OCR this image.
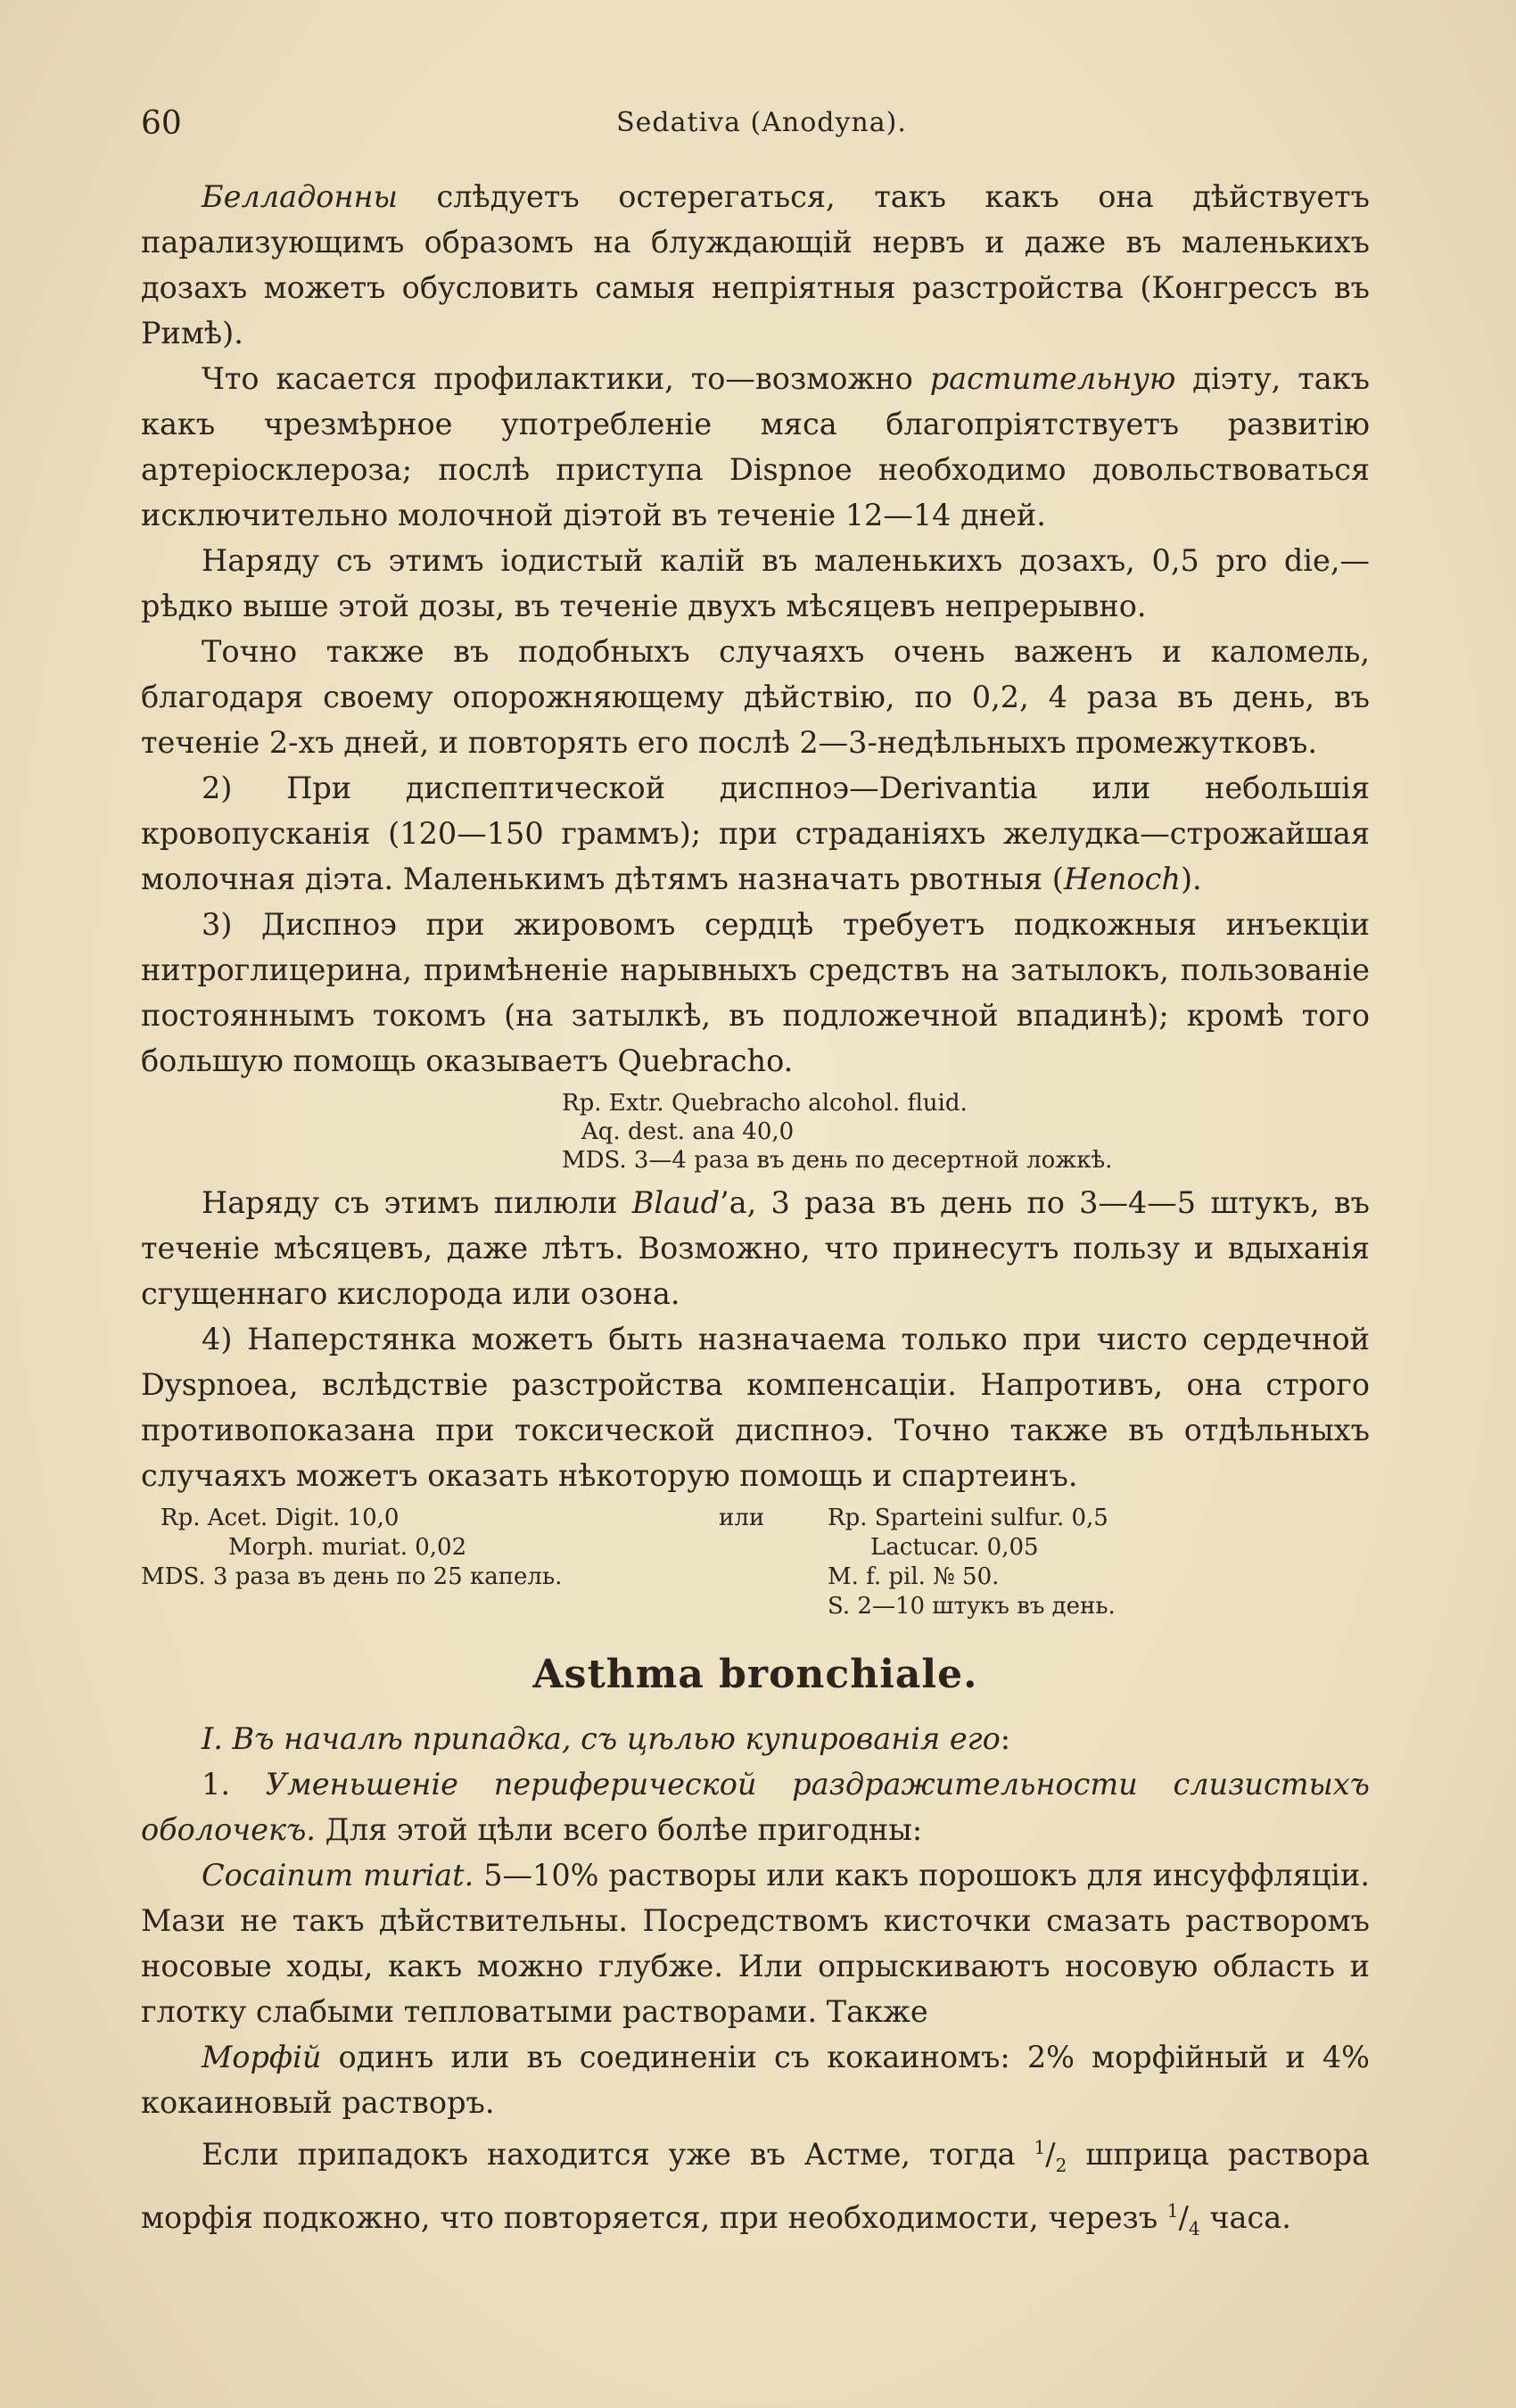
60	Sedativa (Anodyna).

Белладонны слѣдуетъ остерегаться, такъ какъ она дѣйствуетъ парализующимъ образомъ на блуждающій нервъ и даже въ маленькихъ дозахъ можетъ обусловить самыя непріятныя разстройства (Конгрессъ въ Римѣ).

Что касается профилактики, то—возможно растительную діэту, такъ какъ чрезмѣрное употребленіе мяса благопріятствуетъ развитію артеріосклероза; послѣ приступа Dispnoe необходимо довольствоваться исключительно молочной діэтой въ теченіе 12—14 дней.

Наряду съ этимъ іодистый калій въ маленькихъ дозахъ, 0,5 pro die,—рѣдко выше этой дозы, въ теченіе двухъ мѣсяцевъ непрерывно.

Точно также въ подобныхъ случаяхъ очень важенъ и каломель, благодаря своему опорожняющему дѣйствію, по 0,2, 4 раза въ день, въ теченіе 2-хъ дней, и повторять его послѣ 2—3-недѣльныхъ промежутковъ.

2) При диспептической диспноэ—Derivantia или небольшія кровопусканія (120—150 граммъ); при страданіяхъ желудка—строжайшая молочная діэта. Маленькимъ дѣтямъ назначать рвотныя (Henoch).

3) Диспноэ при жировомъ сердцѣ требуетъ подкожныя инъекціи нитроглицерина, примѣненіе нарывныхъ средствъ на затылокъ, пользованіе постояннымъ токомъ (на затылкѣ, въ подложечной впадинѣ); кромѣ того большую помощь оказываетъ Quebracho.

Rp. Extr. Quebracho alcohol. fluid.
Aq. dest. ana 40,0
MDS. 3—4 раза въ день по десертной ложкѣ.

Наряду съ этимъ пилюли Blaud’а, 3 раза въ день по 3—4—5 штукъ, въ теченіе мѣсяцевъ, даже лѣтъ. Возможно, что принесутъ пользу и вдыханія сгущеннаго кислорода или озона.

4) Наперстянка можетъ быть назначаема только при чисто сердечной Dyspnoea, вслѣдствіе разстройства компенсаціи. Напротивъ, она строго противопоказана при токсической диспноэ. Точно также въ отдѣльныхъ случаяхъ можетъ оказать нѣкоторую помощь и спартеинъ.

Rp. Acet. Digit. 10,0
Morph. muriat. 0,02
MDS. 3 раза въ день по 25 капель.
или	Rp. Sparteini sulfur. 0,5
Lactucar. 0,05
M. f. pil. № 50.
S. 2—10 штукъ въ день.
Asthma bronchiale.

I. Въ началѣ припадка, съ цѣлью купированія его:

1. Уменьшеніе периферической раздражительности слизистыхъ оболочекъ. Для этой цѣли всего болѣе пригодны:

Cocainum muriat. 5—10% растворы или какъ порошокъ для инсуффляціи. Мази не такъ дѣйствительны. Посредствомъ кисточки смазать растворомъ носовые ходы, какъ можно глубже. Или опрыскиваютъ носовую область и глотку слабыми тепловатыми растворами. Также

Морфій одинъ или въ соединеніи съ кокаиномъ: 2% морфійный и 4% кокаиновый растворъ.

Если припадокъ находится уже въ Астме, тогда $^1/_2$ шприца раствора морфія подкожно, что повторяется, при необходимости, черезъ $^1/_4$ часа.
